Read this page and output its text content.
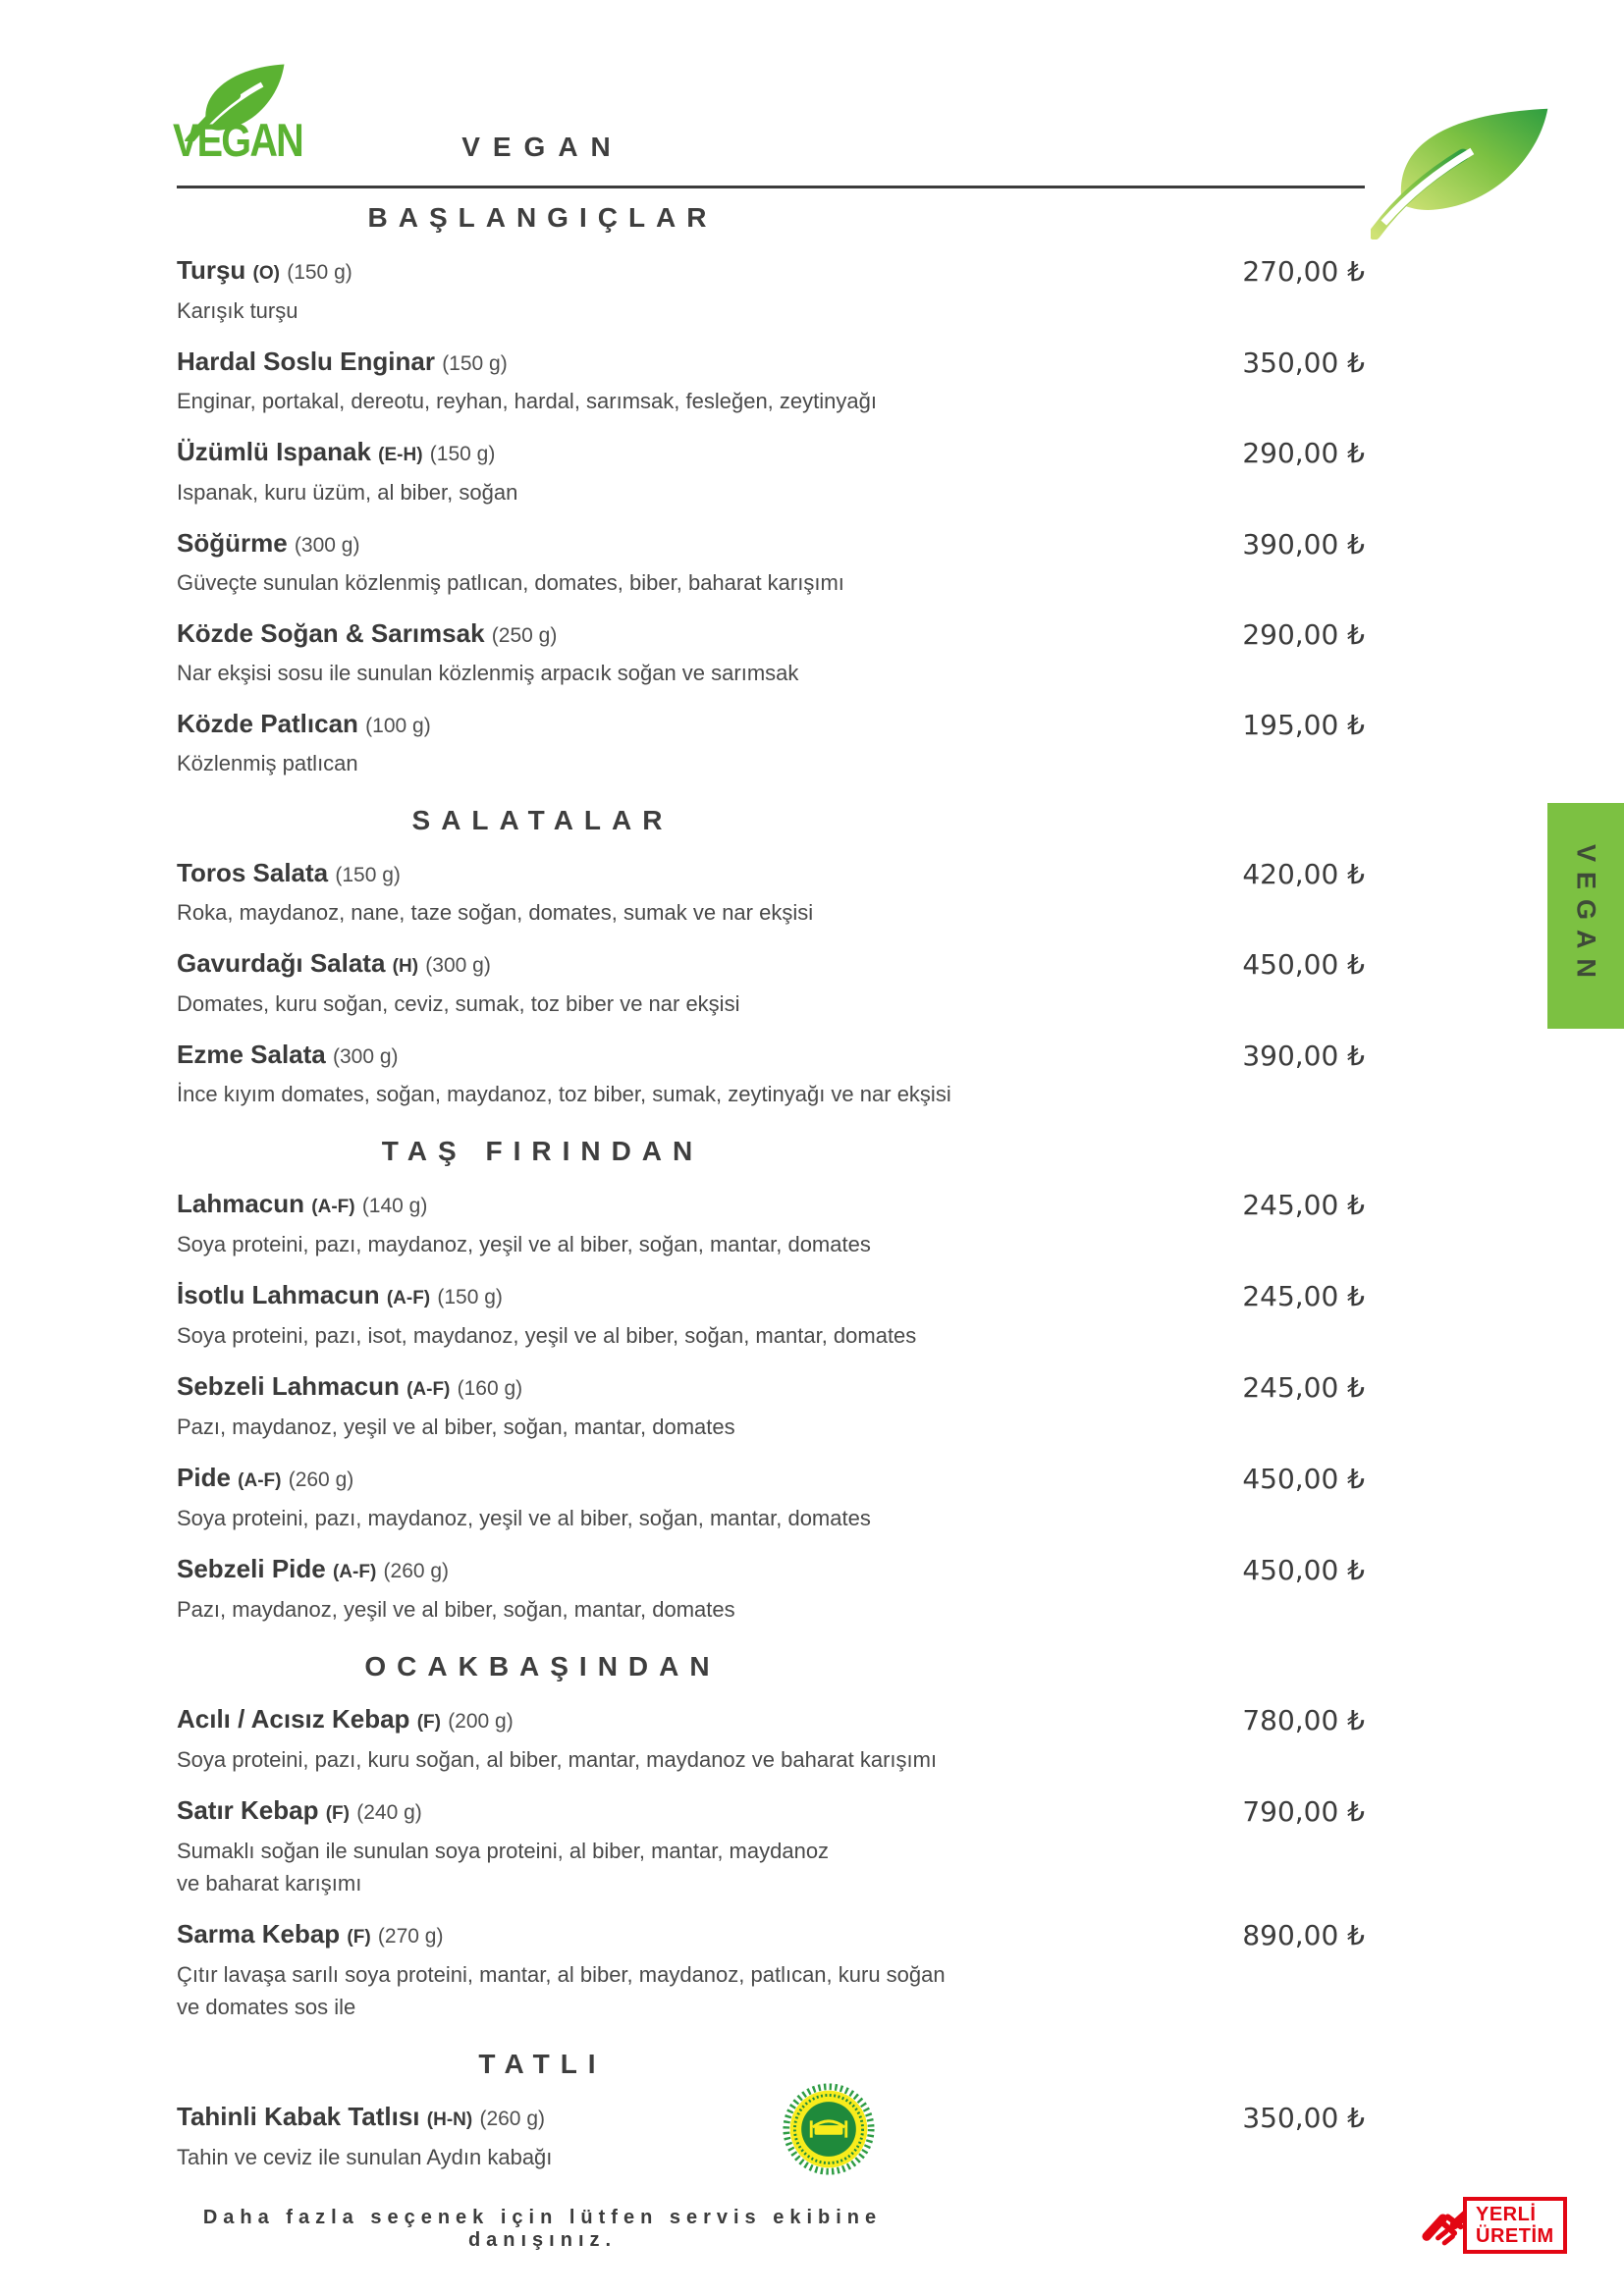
VEGAN	VEGAN
VEGAN
BAŞLANGIÇLAR
Turşu (O) (150 g)	270,00 ₺
Karışık turşu
Hardal Soslu Enginar (150 g)	350,00 ₺
Enginar, portakal, dereotu, reyhan, hardal, sarımsak, fesleğen, zeytinyağı
Üzümlü Ispanak (E-H) (150 g)	290,00 ₺
Ispanak, kuru üzüm, al biber, soğan
Söğürme (300 g)	390,00 ₺
Güveçte sunulan közlenmiş patlıcan, domates, biber, baharat karışımı
Közde Soğan & Sarımsak (250 g)	290,00 ₺
Nar ekşisi sosu ile sunulan közlenmiş arpacık soğan ve sarımsak
Közde Patlıcan (100 g)	195,00 ₺
Közlenmiş patlıcan
SALATALAR
Toros Salata (150 g)	420,00 ₺
Roka, maydanoz, nane, taze soğan, domates, sumak ve nar ekşisi
Gavurdağı Salata (H) (300 g)	450,00 ₺
Domates, kuru soğan, ceviz, sumak, toz biber ve nar ekşisi
Ezme Salata (300 g)	390,00 ₺
İnce kıyım domates, soğan, maydanoz, toz biber, sumak, zeytinyağı ve nar ekşisi
TAŞ FIRINDAN
Lahmacun (A-F) (140 g)	245,00 ₺
Soya proteini, pazı, maydanoz, yeşil ve al biber, soğan, mantar, domates
İsotlu Lahmacun (A-F) (150 g)	245,00 ₺
Soya proteini, pazı, isot, maydanoz, yeşil ve al biber, soğan, mantar, domates
Sebzeli Lahmacun (A-F) (160 g)	245,00 ₺
Pazı, maydanoz, yeşil ve al biber, soğan, mantar, domates
Pide (A-F) (260 g)	450,00 ₺
Soya proteini, pazı, maydanoz, yeşil ve al biber, soğan, mantar, domates
Sebzeli Pide (A-F) (260 g)	450,00 ₺
Pazı, maydanoz, yeşil ve al biber, soğan, mantar, domates
OCAKBAŞINDAN
Acılı / Acısız Kebap (F) (200 g)	780,00 ₺
Soya proteini, pazı, kuru soğan, al biber, mantar, maydanoz ve baharat karışımı
Satır Kebap (F) (240 g)	790,00 ₺
Sumaklı soğan ile sunulan soya proteini, al biber, mantar, maydanoz
ve baharat karışımı
Sarma Kebap (F) (270 g)	890,00 ₺
Çıtır lavaşa sarılı soya proteini, mantar, al biber, maydanoz, patlıcan, kuru soğan
ve domates sos ile
TATLI
Tahinli Kabak Tatlısı (H-N) (260 g)	350,00 ₺
Tahin ve ceviz ile sunulan Aydın kabağı
Daha fazla seçenek için lütfen servis ekibine danışınız.
YERLİ
ÜRETİM
